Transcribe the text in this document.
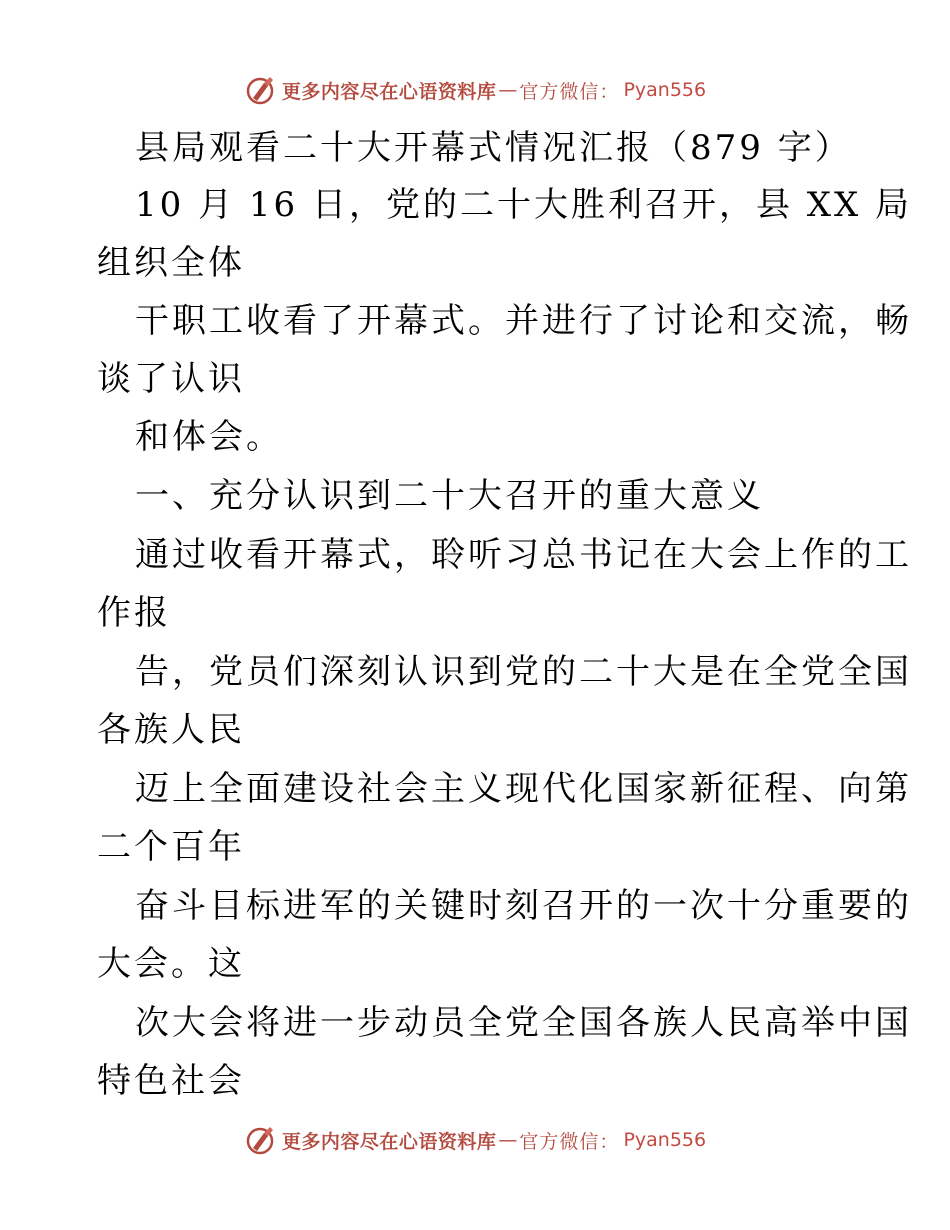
更多内容尽在心语资料库 — 官方微信： Pyan556
县局观看二十大开幕式情况汇报（879 字）
10 月 16 日，党的二十大胜利召开，县 XX 局
组织全体
干职工收看了开幕式。并进行了讨论和交流，畅
谈了认识
和体会。
一、充分认识到二十大召开的重大意义
通过收看开幕式，聆听习总书记在大会上作的工
作报
告，党员们深刻认识到党的二十大是在全党全国
各族人民
迈上全面建设社会主义现代化国家新征程、向第
二个百年
奋斗目标进军的关键时刻召开的一次十分重要的
大会。这
次大会将进一步动员全党全国各族人民高举中国
特色社会
更多内容尽在心语资料库 — 官方微信： Pyan556
